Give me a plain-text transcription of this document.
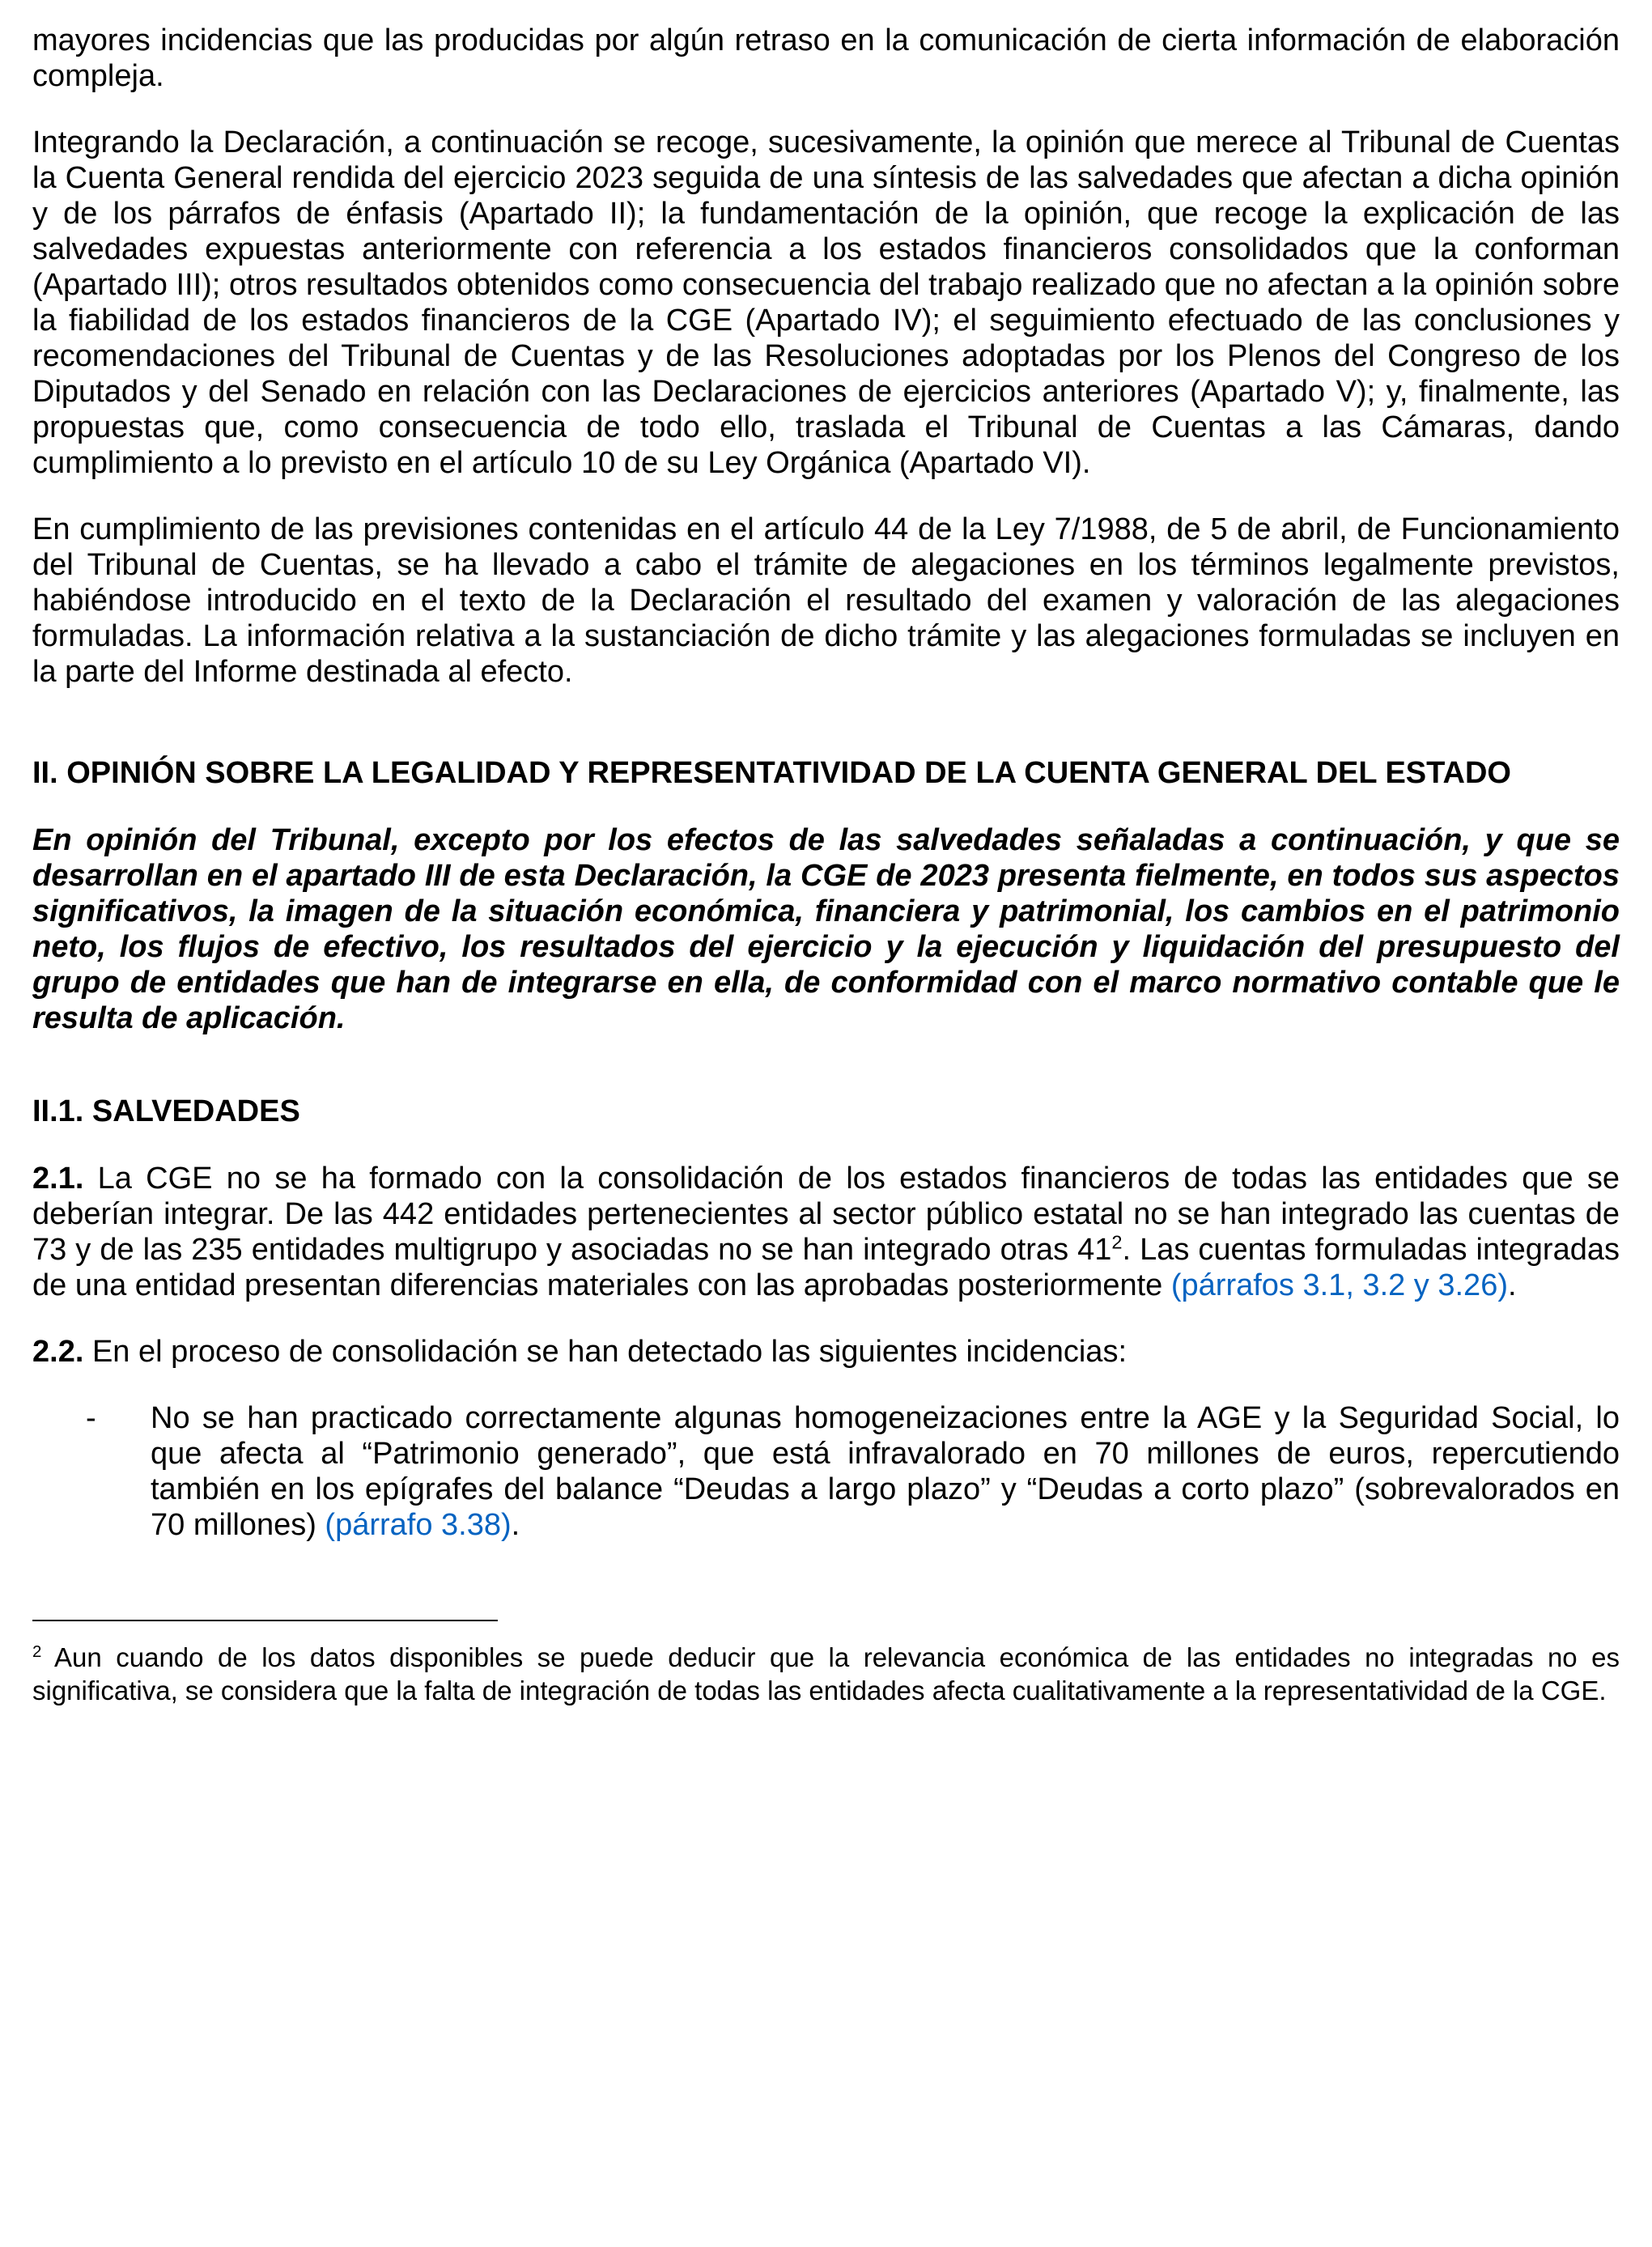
mayores incidencias que las producidas por algún retraso en la comunicación de cierta información de elaboración compleja.

Integrando la Declaración, a continuación se recoge, sucesivamente, la opinión que merece al Tribunal de Cuentas la Cuenta General rendida del ejercicio 2023 seguida de una síntesis de las salvedades que afectan a dicha opinión y de los párrafos de énfasis (Apartado II); la fundamentación de la opinión, que recoge la explicación de las salvedades expuestas anteriormente con referencia a los estados financieros consolidados que la conforman (Apartado III); otros resultados obtenidos como consecuencia del trabajo realizado que no afectan a la opinión sobre la fiabilidad de los estados financieros de la CGE (Apartado IV); el seguimiento efectuado de las conclusiones y recomendaciones del Tribunal de Cuentas y de las Resoluciones adoptadas por los Plenos del Congreso de los Diputados y del Senado en relación con las Declaraciones de ejercicios anteriores (Apartado V); y, finalmente, las propuestas que, como consecuencia de todo ello, traslada el Tribunal de Cuentas a las Cámaras, dando cumplimiento a lo previsto en el artículo 10 de su Ley Orgánica (Apartado VI).

En cumplimiento de las previsiones contenidas en el artículo 44 de la Ley 7/1988, de 5 de abril, de Funcionamiento del Tribunal de Cuentas, se ha llevado a cabo el trámite de alegaciones en los términos legalmente previstos, habiéndose introducido en el texto de la Declaración el resultado del examen y valoración de las alegaciones formuladas. La información relativa a la sustanciación de dicho trámite y las alegaciones formuladas se incluyen en la parte del Informe destinada al efecto.

II. OPINIÓN SOBRE LA LEGALIDAD Y REPRESENTATIVIDAD DE LA CUENTA GENERAL DEL ESTADO

En opinión del Tribunal, excepto por los efectos de las salvedades señaladas a continuación, y que se desarrollan en el apartado III de esta Declaración, la CGE de 2023 presenta fielmente, en todos sus aspectos significativos, la imagen de la situación económica, financiera y patrimonial, los cambios en el patrimonio neto, los flujos de efectivo, los resultados del ejercicio y la ejecución y liquidación del presupuesto del grupo de entidades que han de integrarse en ella, de conformidad con el marco normativo contable que le resulta de aplicación.

II.1. SALVEDADES

2.1. La CGE no se ha formado con la consolidación de los estados financieros de todas las entidades que se deberían integrar. De las 442 entidades pertenecientes al sector público estatal no se han integrado las cuentas de 73 y de las 235 entidades multigrupo y asociadas no se han integrado otras 41$^2$. Las cuentas formuladas integradas de una entidad presentan diferencias materiales con las aprobadas posteriormente (párrafos 3.1, 3.2 y 3.26).

2.2. En el proceso de consolidación se han detectado las siguientes incidencias:

-	No se han practicado correctamente algunas homogeneizaciones entre la AGE y la Seguridad Social, lo que afecta al “Patrimonio generado”, que está infravalorado en 70 millones de euros, repercutiendo también en los epígrafes del balance “Deudas a largo plazo” y “Deudas a corto plazo” (sobrevalorados en 70 millones) (párrafo 3.38).

$^2$ Aun cuando de los datos disponibles se puede deducir que la relevancia económica de las entidades no integradas no es significativa, se considera que la falta de integración de todas las entidades afecta cualitativamente a la representatividad de la CGE.
